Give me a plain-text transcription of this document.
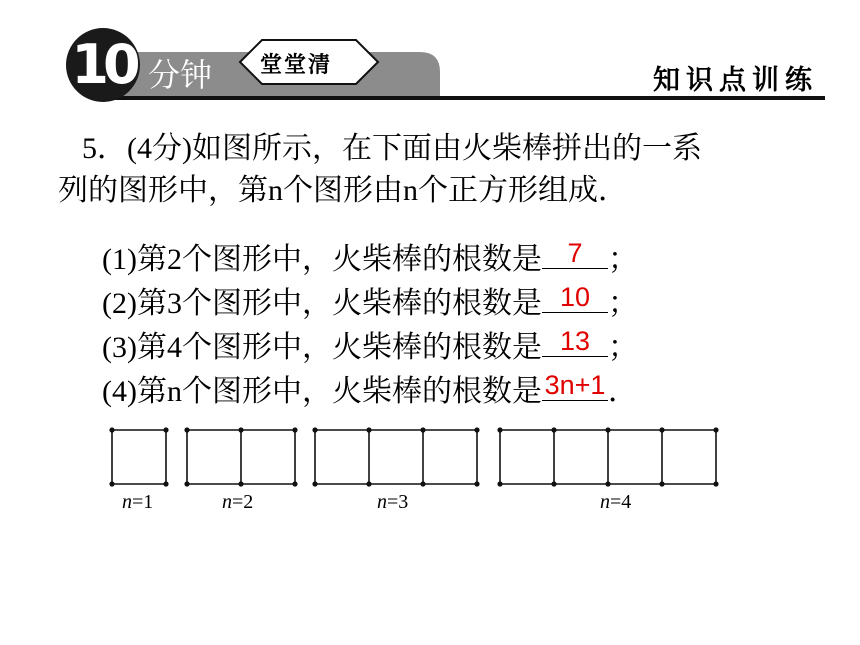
10 分钟 堂堂清	知识点训练
5．(4分)如图所示，在下面由火柴棒拼出的一系
列的图形中，第n个图形由n个正方形组成．
(1)第2个图形中，火柴棒的根数是 7 ；
(2)第3个图形中，火柴棒的根数是 10 ；
(3)第4个图形中，火柴棒的根数是 13 ；
(4)第n个图形中，火柴棒的根数是 3n+1 ．
n=1	n=2	n=3	n=4
